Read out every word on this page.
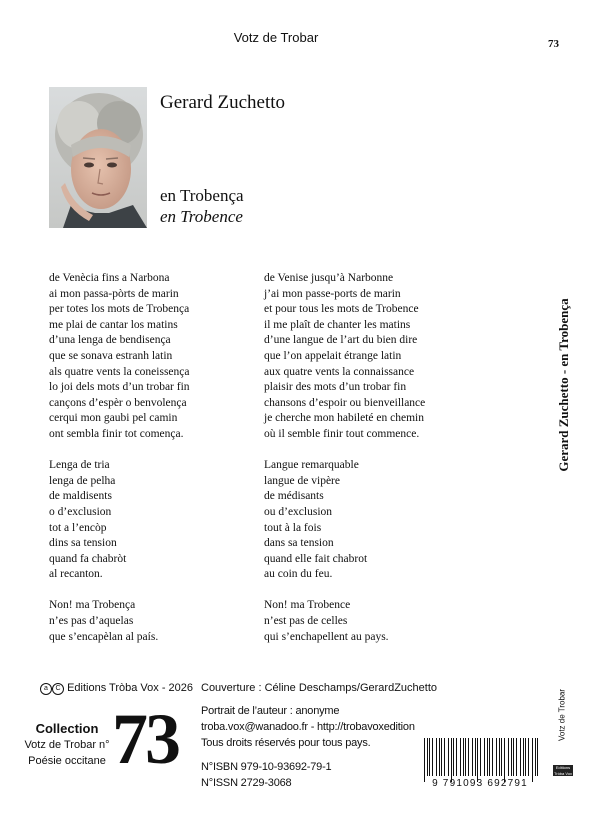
Votz de Trobar	73
Gerard Zuchetto
en Trobença
en Trobence
de Venècia fins a Narbona
ai mon passa-pòrts de marin
per totes los mots de Trobença
me plai de cantar los matins
d’una lenga de bendisença
que se sonava estranh latin
als quatre vents la coneissença
lo joi dels mots d’un trobar fin
cançons d’espèr o benvolença
cerqui mon gaubi pel camin
ont sembla finir tot començа.
Lenga de tria
lenga de pelha
de maldisents
o d’exclusion
tot a l’encòp
dins sa tension
quand fa chabròt
al recanton.
Non! ma Trobença
n’es pas d’aquelas
que s’encapèlan al país.
de Venise jusqu’à Narbonne
j’ai mon passe-ports de marin
et pour tous les mots de Trobence
il me plaît de chanter les matins
d’une langue de l’art du bien dire
que l’on appelait étrange latin
aux quatre vents la connaissance
plaisir des mots d’un trobar fin
chansons d’espoir ou bienveillance
je cherche mon habileté en chemin
où il semble finir tout commence.
Langue remarquable
langue de vipère
de médisants
ou d’exclusion
tout à la fois
dans sa tension
quand elle fait chabrot
au coin du feu.
Non! ma Trobence
n’est pas de celles
qui s’enchapellent au pays.
Gerard Zuchetto - en Trobença
Votz de Trobar
Editions Tròba Vox
a C Editions Tròba Vox - 2026 Couverture : Céline Deschamps/GerardZuchetto
Collection
Votz de Trobar n°
Poésie occitane 73 Portrait de l’auteur : anonyme
troba.vox@wanadoo.fr - http://trobavoxedition
Tous droits réservés pour tous pays.
N°ISBN 979-10-93692-79-1
N°ISSN 2729-3068	9 791093 692791
